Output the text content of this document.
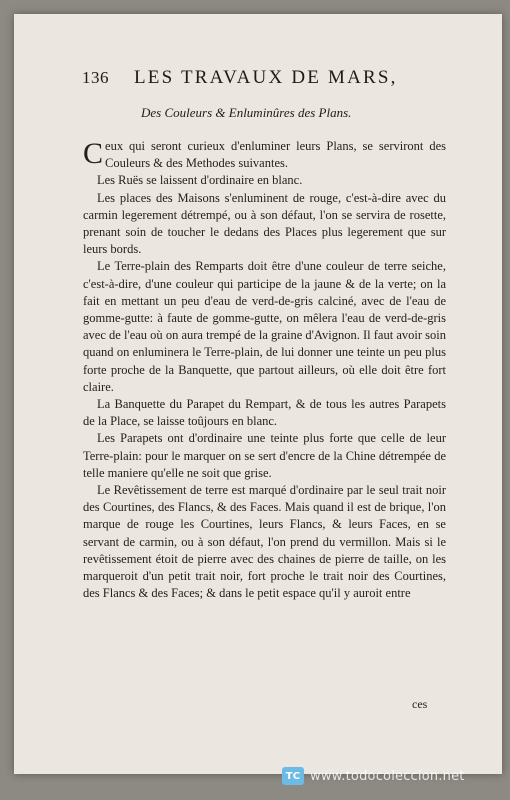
136 LES TRAVAUX DE MARS,
Des Couleurs & Enluminûres des Plans.

Ceux qui seront curieux d'enluminer leurs Plans, se serviront des Couleurs & des Methodes suivantes.

Les Ruës se laissent d'ordinaire en blanc.

Les places des Maisons s'enluminent de rouge, c'est-à-dire avec du carmin legerement détrempé, ou à son défaut, l'on se servira de rosette, prenant soin de toucher le dedans des Places plus legerement que sur leurs bords.

Le Terre-plain des Remparts doit être d'une couleur de terre seiche, c'est-à-dire, d'une couleur qui participe de la jaune & de la verte; on la fait en mettant un peu d'eau de verd-de-gris calciné, avec de l'eau de gomme-gutte: à faute de gomme-gutte, on mêlera l'eau de verd-de-gris avec de l'eau où on aura trempé de la graine d'Avignon. Il faut avoir soin quand on enluminera le Terre-plain, de lui donner une teinte un peu plus forte proche de la Banquette, que partout ailleurs, où elle doit être fort claire.

La Banquette du Parapet du Rempart, & de tous les autres Parapets de la Place, se laisse toûjours en blanc.

Les Parapets ont d'ordinaire une teinte plus forte que celle de leur Terre-plain: pour le marquer on se sert d'encre de la Chine détrempée de telle maniere qu'elle ne soit que grise.

Le Revêtissement de terre est marqué d'ordinaire par le seul trait noir des Courtines, des Flancs, & des Faces. Mais quand il est de brique, l'on marque de rouge les Courtines, leurs Flancs, & leurs Faces, en se servant de carmin, ou à son défaut, l'on prend du vermillon. Mais si le revêtissement étoit de pierre avec des chaines de pierre de taille, on les marqueroit d'un petit trait noir, fort proche le trait noir des Courtines, des Flancs & des Faces; & dans le petit espace qu'il y auroit entre

ces
TC www.todocoleccion.net
